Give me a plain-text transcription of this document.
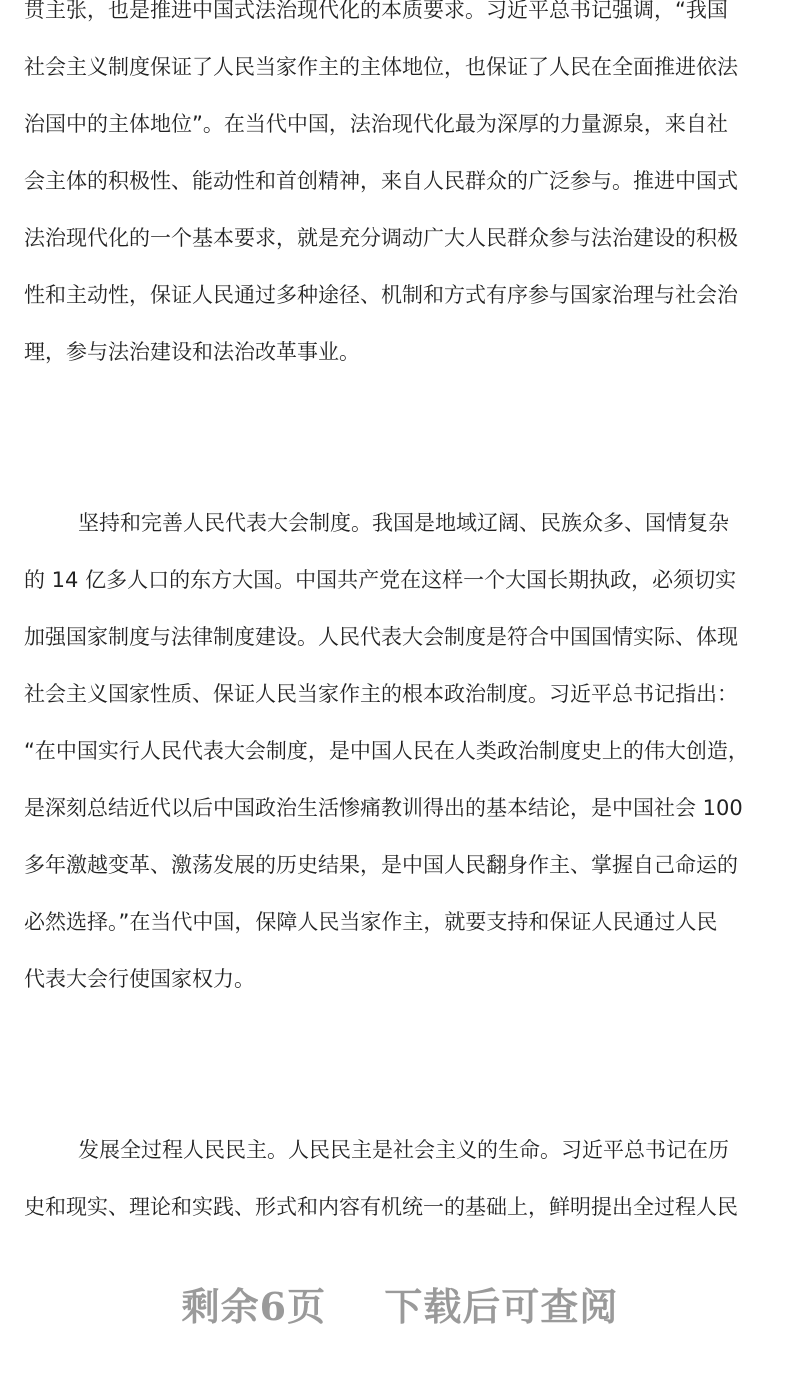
贯主张，也是推进中国式法治现代化的本质要求。习近平总书记强调，“我国
社会主义制度保证了人民当家作主的主体地位，也保证了人民在全面推进依法
治国中的主体地位”。在当代中国，法治现代化最为深厚的力量源泉，来自社
会主体的积极性、能动性和首创精神，来自人民群众的广泛参与。推进中国式
法治现代化的一个基本要求，就是充分调动广大人民群众参与法治建设的积极
性和主动性，保证人民通过多种途径、机制和方式有序参与国家治理与社会治
理，参与法治建设和法治改革事业。
坚持和完善人民代表大会制度。我国是地域辽阔、民族众多、国情复杂
的 14 亿多人口的东方大国。中国共产党在这样一个大国长期执政，必须切实
加强国家制度与法律制度建设。人民代表大会制度是符合中国国情实际、体现
社会主义国家性质、保证人民当家作主的根本政治制度。习近平总书记指出：
“在中国实行人民代表大会制度，是中国人民在人类政治制度史上的伟大创造，
是深刻总结近代以后中国政治生活惨痛教训得出的基本结论，是中国社会 100
多年激越变革、激荡发展的历史结果，是中国人民翻身作主、掌握自己命运的
必然选择。”在当代中国，保障人民当家作主，就要支持和保证人民通过人民
代表大会行使国家权力。
发展全过程人民民主。人民民主是社会主义的生命。习近平总书记在历
史和现实、理论和实践、形式和内容有机统一的基础上，鲜明提出全过程人民
剩余6页 下载后可查阅
